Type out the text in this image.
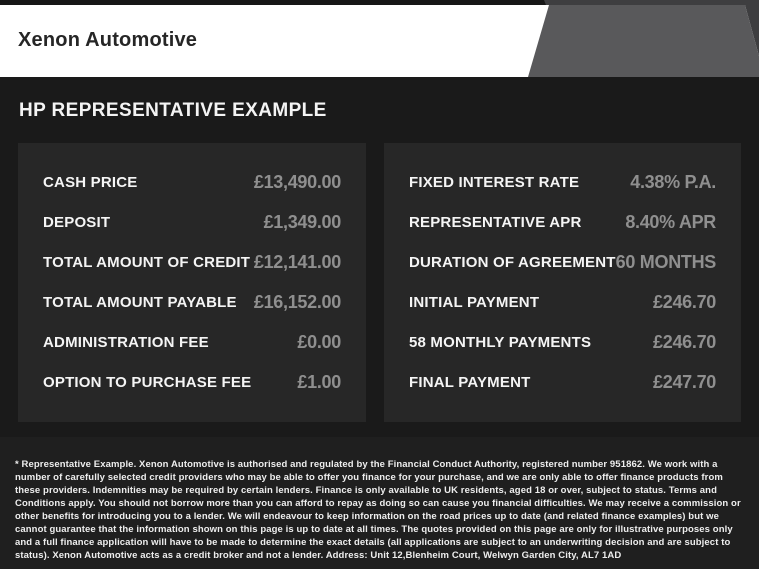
Xenon Automotive
HP REPRESENTATIVE EXAMPLE
CASH PRICE	£13,490.00
DEPOSIT	£1,349.00
TOTAL AMOUNT OF CREDIT £12,141.00
TOTAL AMOUNT PAYABLE £16,152.00
ADMINISTRATION FEE	£0.00
OPTION TO PURCHASE FEE	£1.00
FIXED INTEREST RATE	4.38% P.A.
REPRESENTATIVE APR 8.40% APR
DURATION OF AGREEMENT 60 MONTHS
INITIAL PAYMENT	£246.70
58 MONTHLY PAYMENTS	£246.70
FINAL PAYMENT	£247.70
* Representative Example. Xenon Automotive is authorised and regulated by the Financial Conduct Authority, registered number 951862. We work with a number of carefully selected credit providers who may be able to offer you finance for your purchase, and we are only able to offer finance products from these providers. Indemnities may be required by certain lenders. Finance is only available to UK residents, aged 18 or over, subject to status. Terms and Conditions apply. You should not borrow more than you can afford to repay as doing so can cause you financial difficulties. We may receive a commission or other benefits for introducing you to a lender. We will endeavour to keep information on the road prices up to date (and related finance examples) but we cannot guarantee that the information shown on this page is up to date at all times. The quotes provided on this page are only for illustrative purposes only and a full finance application will have to be made to determine the exact details (all applications are subject to an underwriting decision and are subject to status). Xenon Automotive acts as a credit broker and not a lender. Address: Unit 12,Blenheim Court, Welwyn Garden City, AL7 1AD
